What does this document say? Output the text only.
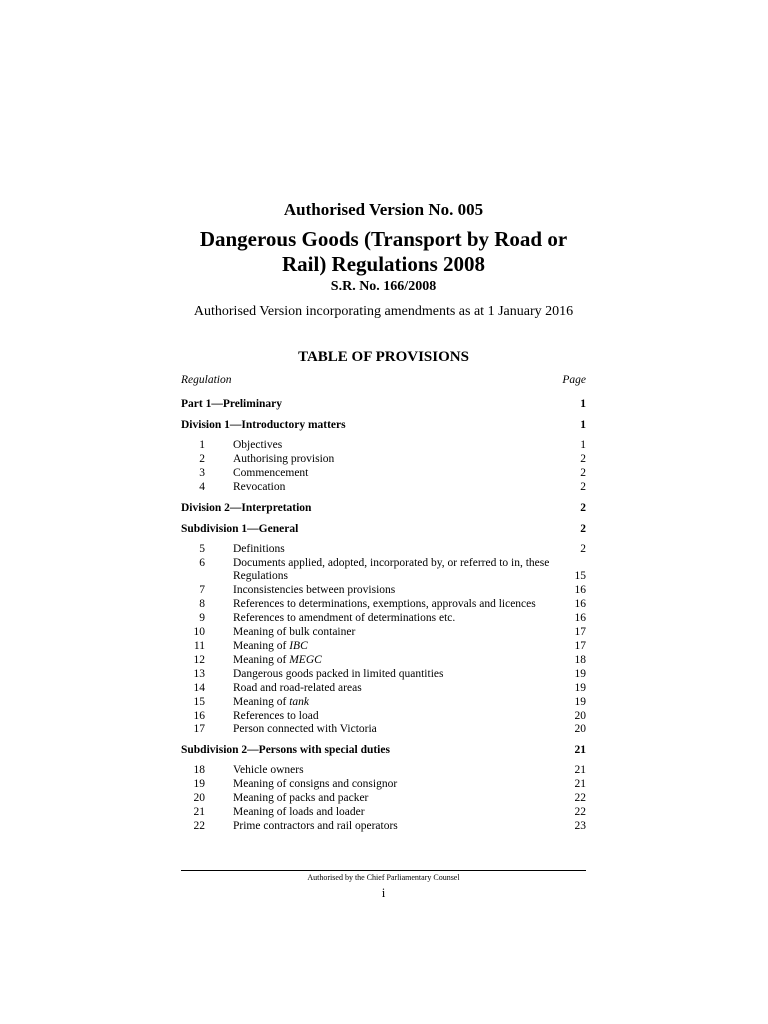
Authorised Version No. 005
Dangerous Goods (Transport by Road or Rail) Regulations 2008
S.R. No. 166/2008
Authorised Version incorporating amendments as at 1 January 2016
TABLE OF PROVISIONS
Regulation	Page
Part 1—Preliminary	1
Division 1—Introductory matters	1
1	Objectives	1
2	Authorising provision	2
3	Commencement	2
4	Revocation	2
Division 2—Interpretation	2
Subdivision 1—General	2
5	Definitions	2
6	Documents applied, adopted, incorporated by, or referred to in, these Regulations	15
7	Inconsistencies between provisions	16
8	References to determinations, exemptions, approvals and licences	16
9	References to amendment of determinations etc.	16
10	Meaning of bulk container	17
11	Meaning of IBC	17
12	Meaning of MEGC	18
13	Dangerous goods packed in limited quantities	19
14	Road and road-related areas	19
15	Meaning of tank	19
16	References to load	20
17	Person connected with Victoria	20
Subdivision 2—Persons with special duties	21
18	Vehicle owners	21
19	Meaning of consigns and consignor	21
20	Meaning of packs and packer	22
21	Meaning of loads and loader	22
22	Prime contractors and rail operators	23
Authorised by the Chief Parliamentary Counsel
i
